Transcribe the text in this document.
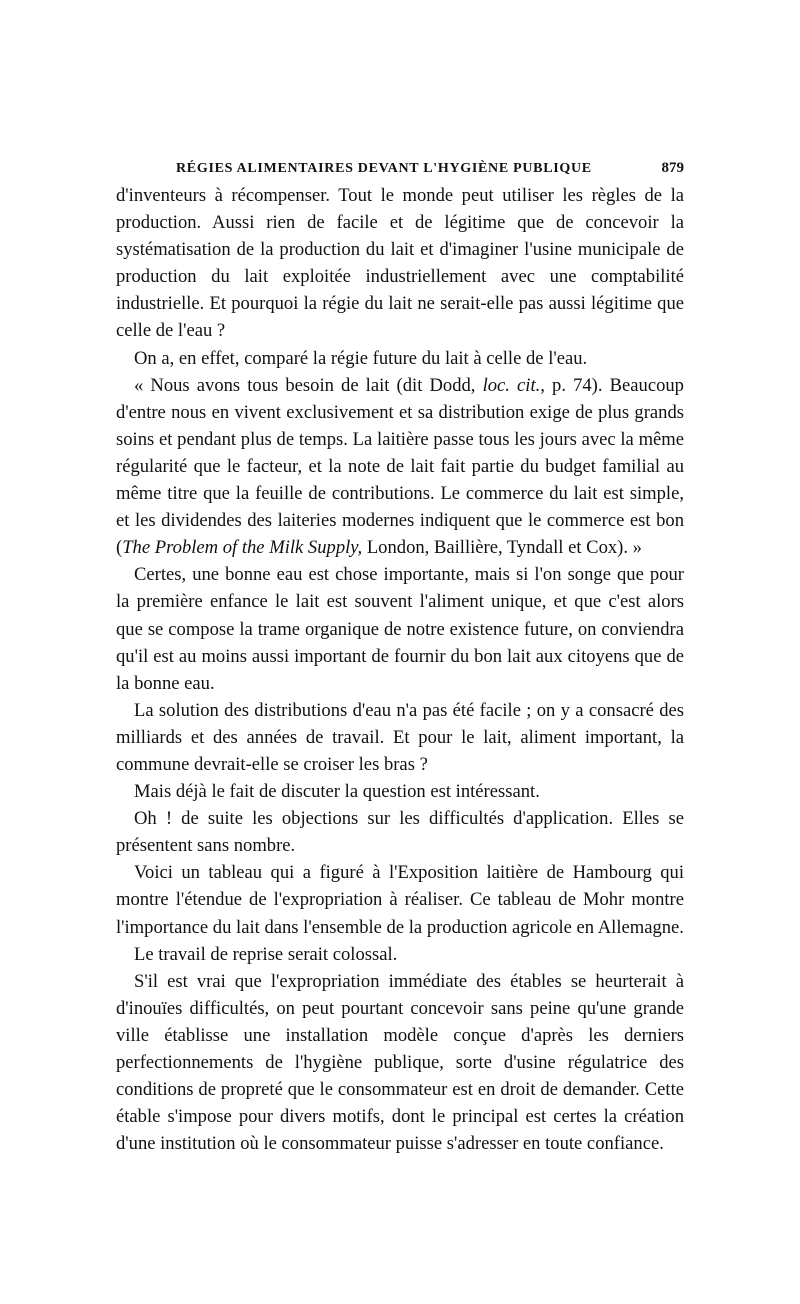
RÉGIES ALIMENTAIRES DEVANT L'HYGIÈNE PUBLIQUE	879

d'inventeurs à récompenser. Tout le monde peut utiliser les règles de la production. Aussi rien de facile et de légitime que de concevoir la systématisation de la production du lait et d'imaginer l'usine municipale de production du lait exploitée industriellement avec une comptabilité industrielle. Et pourquoi la régie du lait ne serait-elle pas aussi légitime que celle de l'eau ?

On a, en effet, comparé la régie future du lait à celle de l'eau.

« Nous avons tous besoin de lait (dit Dodd, loc. cit., p. 74). Beaucoup d'entre nous en vivent exclusivement et sa distribution exige de plus grands soins et pendant plus de temps. La laitière passe tous les jours avec la même régularité que le facteur, et la note de lait fait partie du budget familial au même titre que la feuille de contributions. Le commerce du lait est simple, et les dividendes des laiteries modernes indiquent que le commerce est bon (The Problem of the Milk Supply, London, Baillière, Tyndall et Cox). »

Certes, une bonne eau est chose importante, mais si l'on songe que pour la première enfance le lait est souvent l'aliment unique, et que c'est alors que se compose la trame organique de notre existence future, on conviendra qu'il est au moins aussi important de fournir du bon lait aux citoyens que de la bonne eau.

La solution des distributions d'eau n'a pas été facile ; on y a consacré des milliards et des années de travail. Et pour le lait, aliment important, la commune devrait-elle se croiser les bras ?

Mais déjà le fait de discuter la question est intéressant.

Oh ! de suite les objections sur les difficultés d'application. Elles se présentent sans nombre.

Voici un tableau qui a figuré à l'Exposition laitière de Hambourg qui montre l'étendue de l'expropriation à réaliser. Ce tableau de Mohr montre l'importance du lait dans l'ensemble de la production agricole en Allemagne.

Le travail de reprise serait colossal.

S'il est vrai que l'expropriation immédiate des étables se heurterait à d'inouïes difficultés, on peut pourtant concevoir sans peine qu'une grande ville établisse une installation modèle conçue d'après les derniers perfectionnements de l'hygiène publique, sorte d'usine régulatrice des conditions de propreté que le consommateur est en droit de demander. Cette étable s'impose pour divers motifs, dont le principal est certes la création d'une institution où le consommateur puisse s'adresser en toute confiance.
